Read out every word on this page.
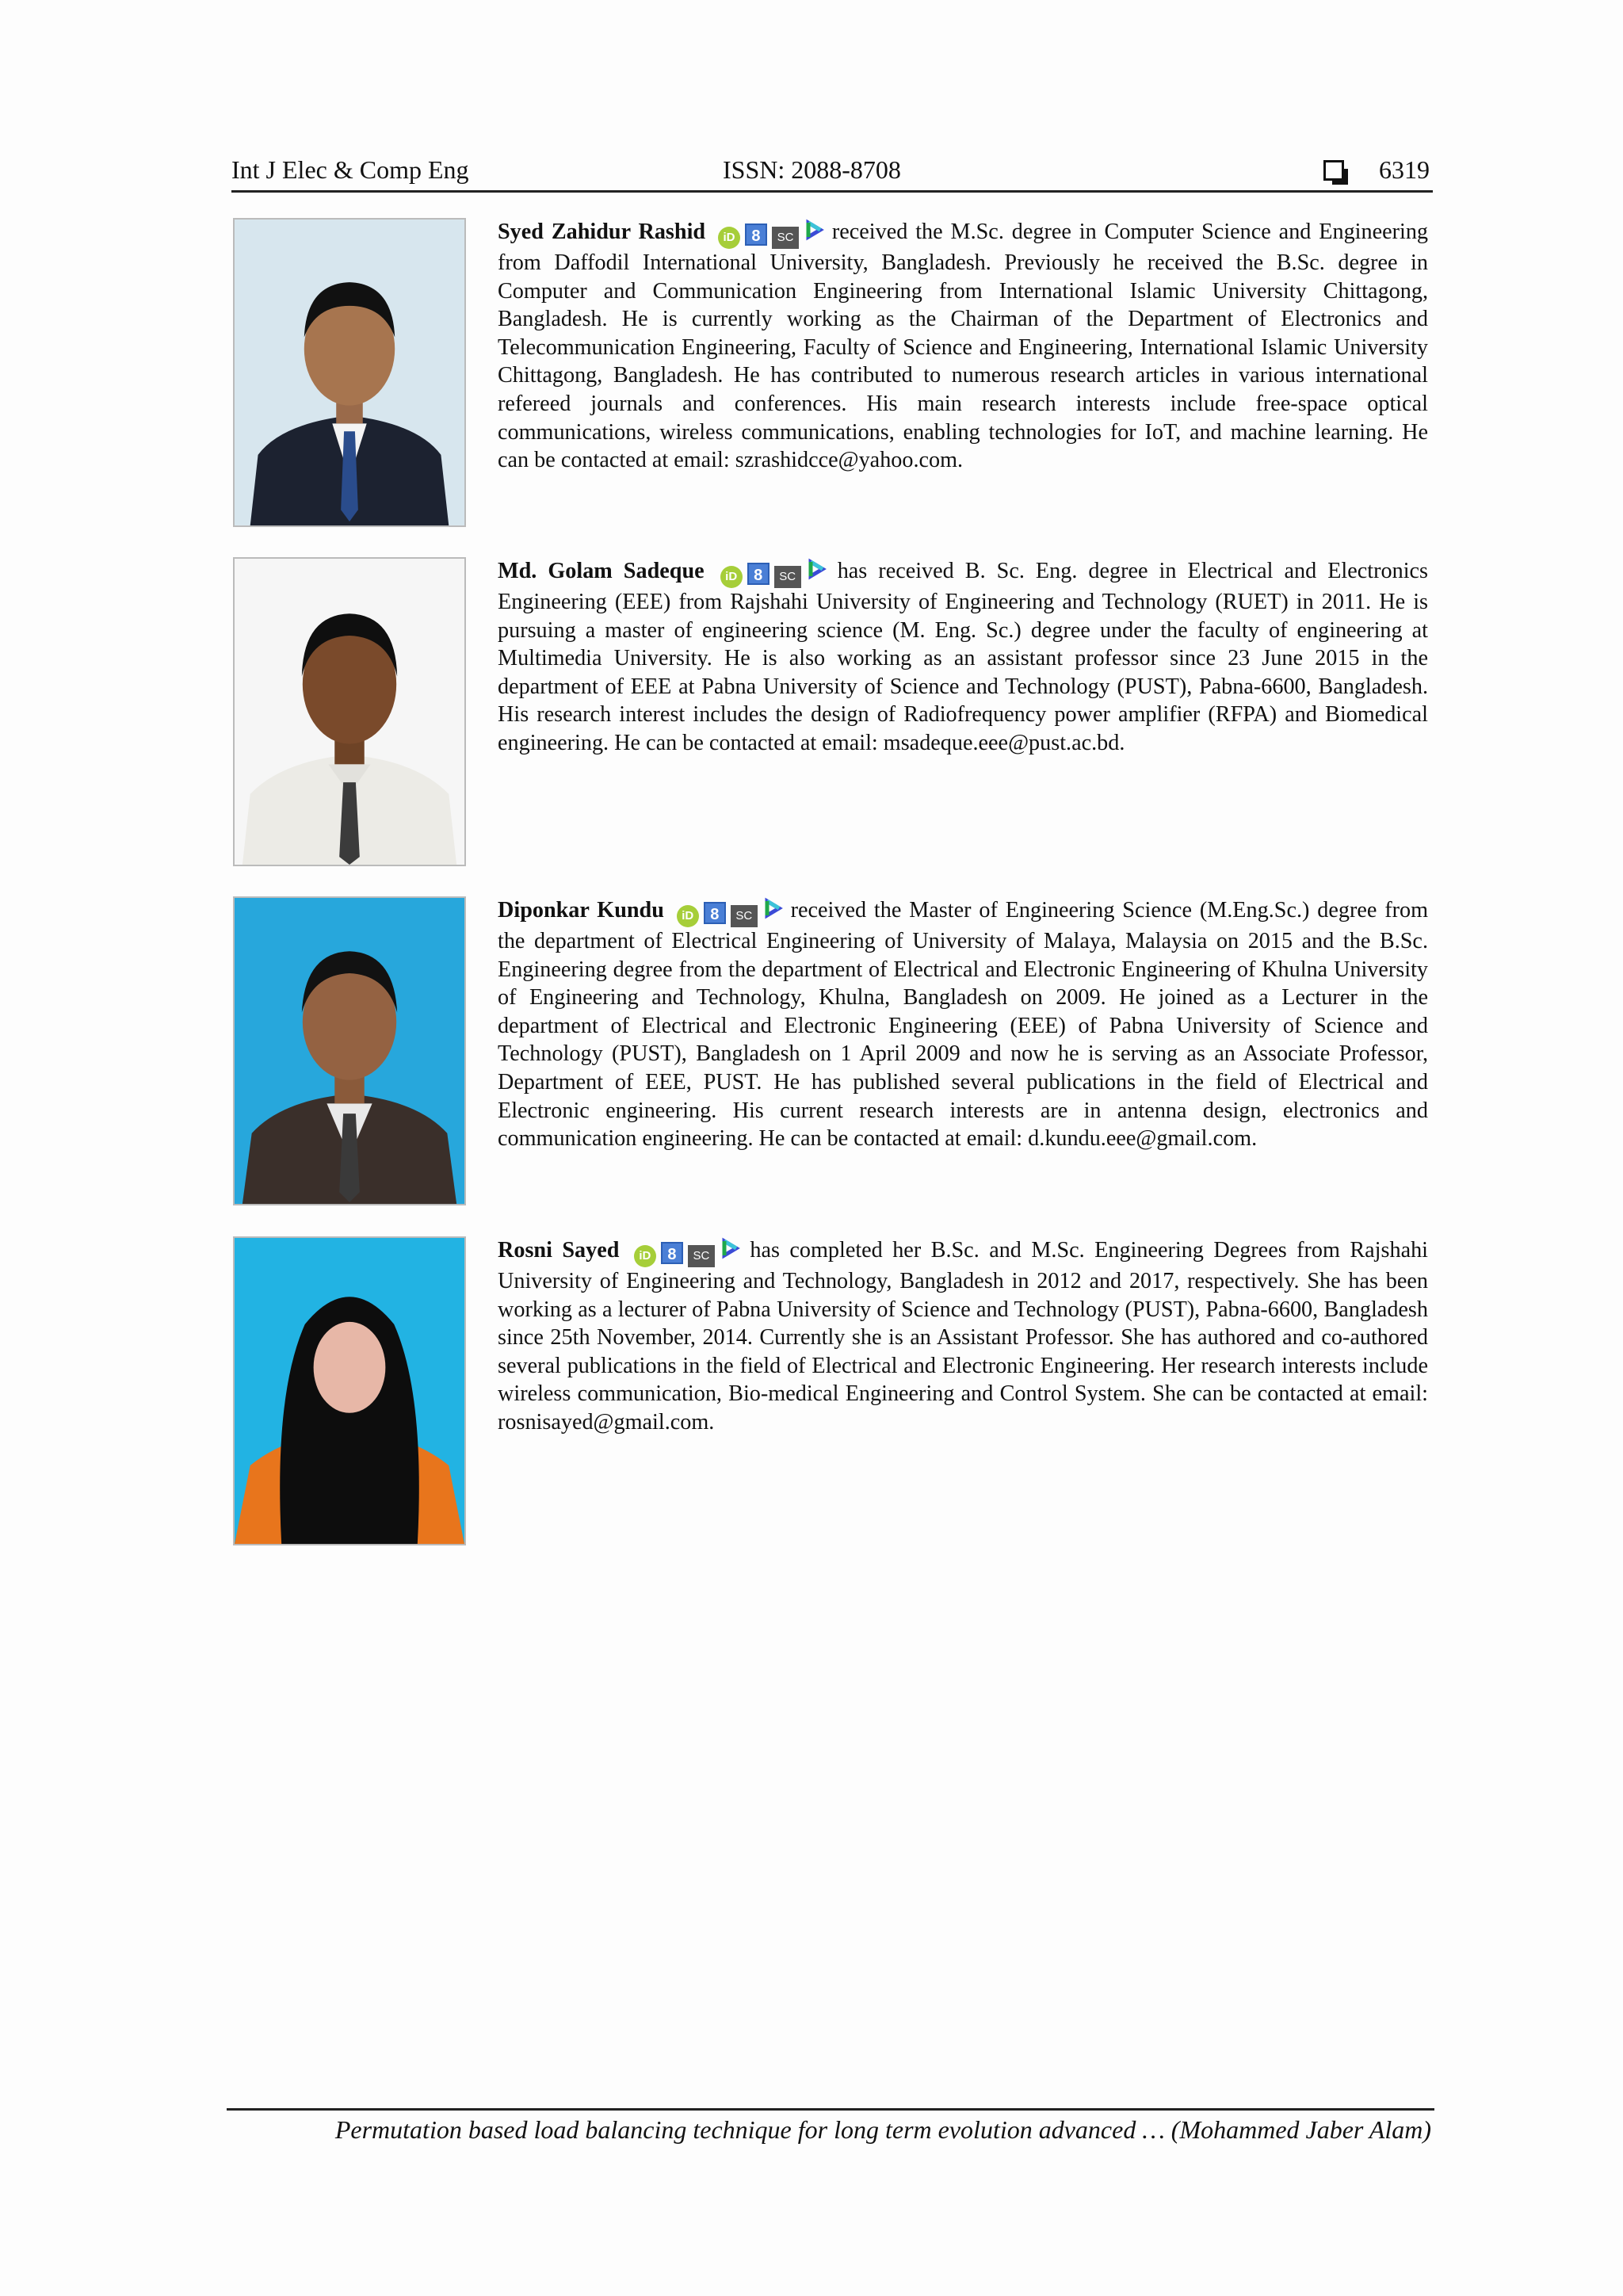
Int J Elec & Comp Eng	ISSN: 2088-8708	6319
Syed Zahidur Rashid iD 8 SC received the M.Sc. degree in Computer Science and Engineering from Daffodil International University, Bangladesh. Previously he received the B.Sc. degree in Computer and Communication Engineering from International Islamic University Chittagong, Bangladesh. He is currently working as the Chairman of the Department of Electronics and Telecommunication Engineering, Faculty of Science and Engineering, International Islamic University Chittagong, Bangladesh. He has contributed to numerous research articles in various international refereed journals and conferences. His main research interests include free-space optical communications, wireless communications, enabling technologies for IoT, and machine learning. He can be contacted at email: szrashidcce@yahoo.com.
Md. Golam Sadeque iD 8 SC has received B. Sc. Eng. degree in Electrical and Electronics Engineering (EEE) from Rajshahi University of Engineering and Technology (RUET) in 2011. He is pursuing a master of engineering science (M. Eng. Sc.) degree under the faculty of engineering at Multimedia University. He is also working as an assistant professor since 23 June 2015 in the department of EEE at Pabna University of Science and Technology (PUST), Pabna-6600, Bangladesh. His research interest includes the design of Radiofrequency power amplifier (RFPA) and Biomedical engineering. He can be contacted at email: msadeque.eee@pust.ac.bd.
Diponkar Kundu iD 8 SC received the Master of Engineering Science (M.Eng.Sc.) degree from the department of Electrical Engineering of University of Malaya, Malaysia on 2015 and the B.Sc. Engineering degree from the department of Electrical and Electronic Engineering of Khulna University of Engineering and Technology, Khulna, Bangladesh on 2009. He joined as a Lecturer in the department of Electrical and Electronic Engineering (EEE) of Pabna University of Science and Technology (PUST), Bangladesh on 1 April 2009 and now he is serving as an Associate Professor, Department of EEE, PUST. He has published several publications in the field of Electrical and Electronic engineering. His current research interests are in antenna design, electronics and communication engineering. He can be contacted at email: d.kundu.eee@gmail.com.
Rosni Sayed iD 8 SC has completed her B.Sc. and M.Sc. Engineering Degrees from Rajshahi University of Engineering and Technology, Bangladesh in 2012 and 2017, respectively. She has been working as a lecturer of Pabna University of Science and Technology (PUST), Pabna-6600, Bangladesh since 25th November, 2014. Currently she is an Assistant Professor. She has authored and co-authored several publications in the field of Electrical and Electronic Engineering. Her research interests include wireless communication, Bio-medical Engineering and Control System. She can be contacted at email: rosnisayed@gmail.com.
Permutation based load balancing technique for long term evolution advanced … (Mohammed Jaber Alam)
